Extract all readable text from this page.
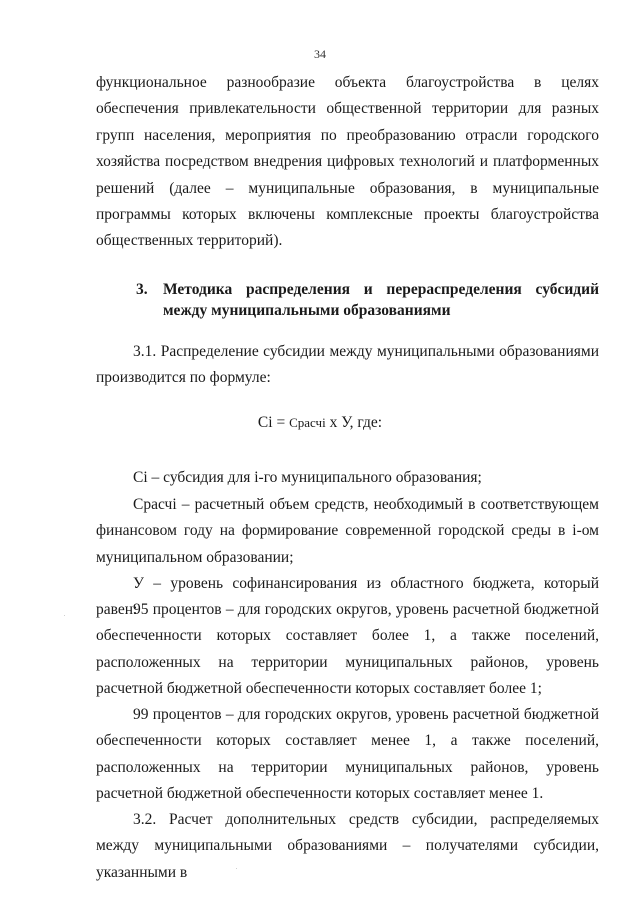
34

функциональное разнообразие объекта благоустройства в целях обеспечения привлекательности общественной территории для разных групп населения, мероприятия по преобразованию отрасли городского хозяйства посредством внедрения цифровых технологий и платформенных решений (далее – муниципальные образования, в муниципальные программы которых включены комплексные проекты благоустройства общественных территорий).

3. Методика распределения и перераспределения субсидий между муниципальными образованиями

3.1. Распределение субсидии между муниципальными образованиями производится по формуле:

Ci = Срасчi х У, где:

Ci – субсидия для i-го муниципального образования;

Срасчi – расчетный объем средств, необходимый в соответствующем финансовом году на формирование современной городской среды в i-ом муниципальном образовании;

У – уровень софинансирования из областного бюджета, который равен:

95 процентов – для городских округов, уровень расчетной бюджетной обеспеченности которых составляет более 1, а также поселений, расположенных на территории муниципальных районов, уровень расчетной бюджетной обеспеченности которых составляет более 1;

99 процентов – для городских округов, уровень расчетной бюджетной обеспеченности которых составляет менее 1, а также поселений, расположенных на территории муниципальных районов, уровень расчетной бюджетной обеспеченности которых составляет менее 1.

3.2. Расчет дополнительных средств субсидии, распределяемых между муниципальными образованиями – получателями субсидии, указанными в
